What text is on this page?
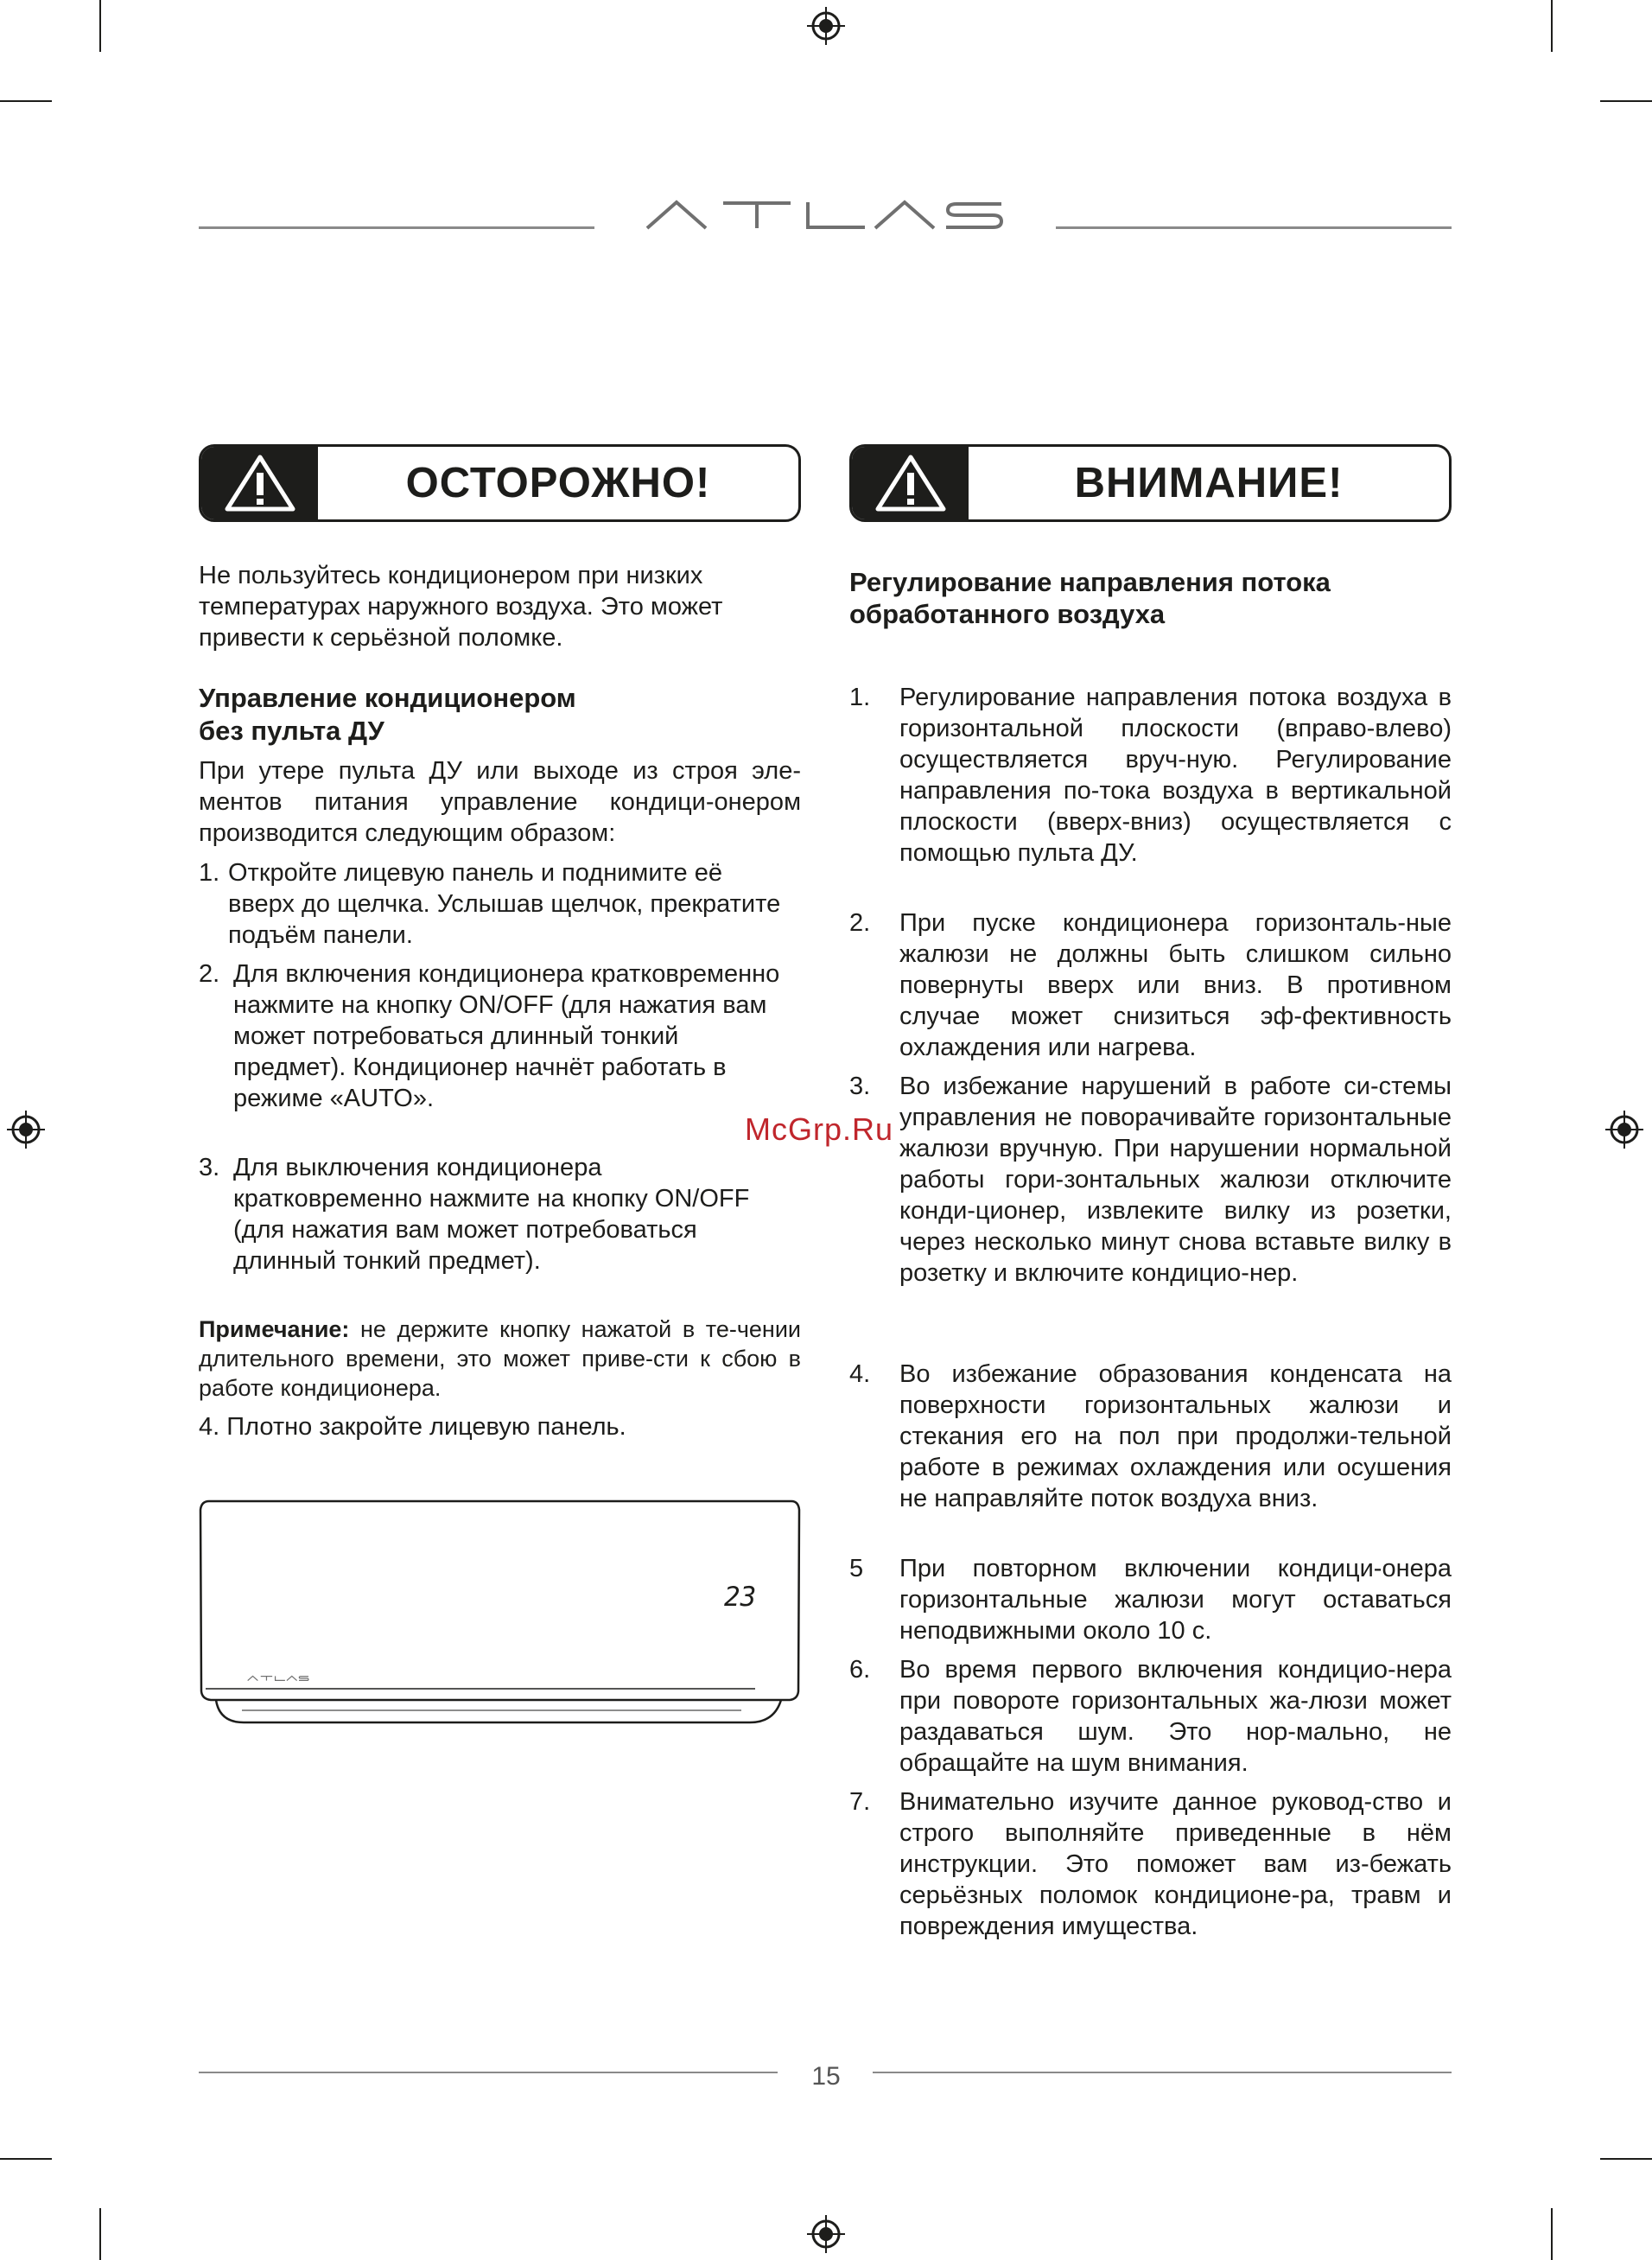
ОСТОРОЖНО!	ВНИМАНИЕ!
Не пользуйтесь кондиционером при низких температурах наружного воздуха. Это может привести к серьёзной поломке.
Управление кондиционером
без пульта ДУ
При утере пульта ДУ или выходе из строя эле-ментов питания управление кондици-онером производится следующим образом:
1. Откройте лицевую панель и поднимите её вверх до щелчка. Услышав щелчок, прекратите подъём панели.
2. Для включения кондиционера кратковременно нажмите на кнопку ON/OFF (для нажатия вам может потребоваться длинный тонкий предмет). Кондиционер начнёт работать в режиме «AUTO».
3. Для выключения кондиционера кратковременно нажмите на кнопку ON/OFF (для нажатия вам может потребоваться длинный тонкий предмет).
Примечание: не держите кнопку нажатой в те-чении длительного времени, это может приве-сти к сбою в работе кондиционера.
4. Плотно закройте лицевую панель.
23
Регулирование направления потока
обработанного воздуха
1. Регулирование направления потока воздуха в горизонтальной плоскости (вправо-влево) осуществляется вруч-ную. Регулирование направления по-тока воздуха в вертикальной плоскости (вверх-вниз) осуществляется с помощью пульта ДУ.
2. При пуске кондиционера горизонталь-ные жалюзи не должны быть слишком сильно повернуты вверх или вниз. В противном случае может снизиться эф-фективность охлаждения или нагрева.
3. Во избежание нарушений в работе си-стемы управления не поворачивайте горизонтальные жалюзи вручную. При нарушении нормальной работы гори-зонтальных жалюзи отключите конди-ционер, извлеките вилку из розетки, через несколько минут снова вставьте вилку в розетку и включите кондицио-нер.
4. Во избежание образования конденсата на поверхности горизонтальных жалюзи и стекания его на пол при продолжи-тельной работе в режимах охлаждения или осушения не направляйте поток воздуха вниз.
5 При повторном включении кондици-онера горизонтальные жалюзи могут оставаться неподвижными около 10 с.
6. Во время первого включения кондицио-нера при повороте горизонтальных жа-люзи может раздаваться шум. Это нор-мально, не обращайте на шум внимания.
7. Внимательно изучите данное руковод-ство и строго выполняйте приведенные в нём инструкции. Это поможет вам из-бежать серьёзных поломок кондиционе-ра, травм и повреждения имущества.
McGrp.Ru
15
